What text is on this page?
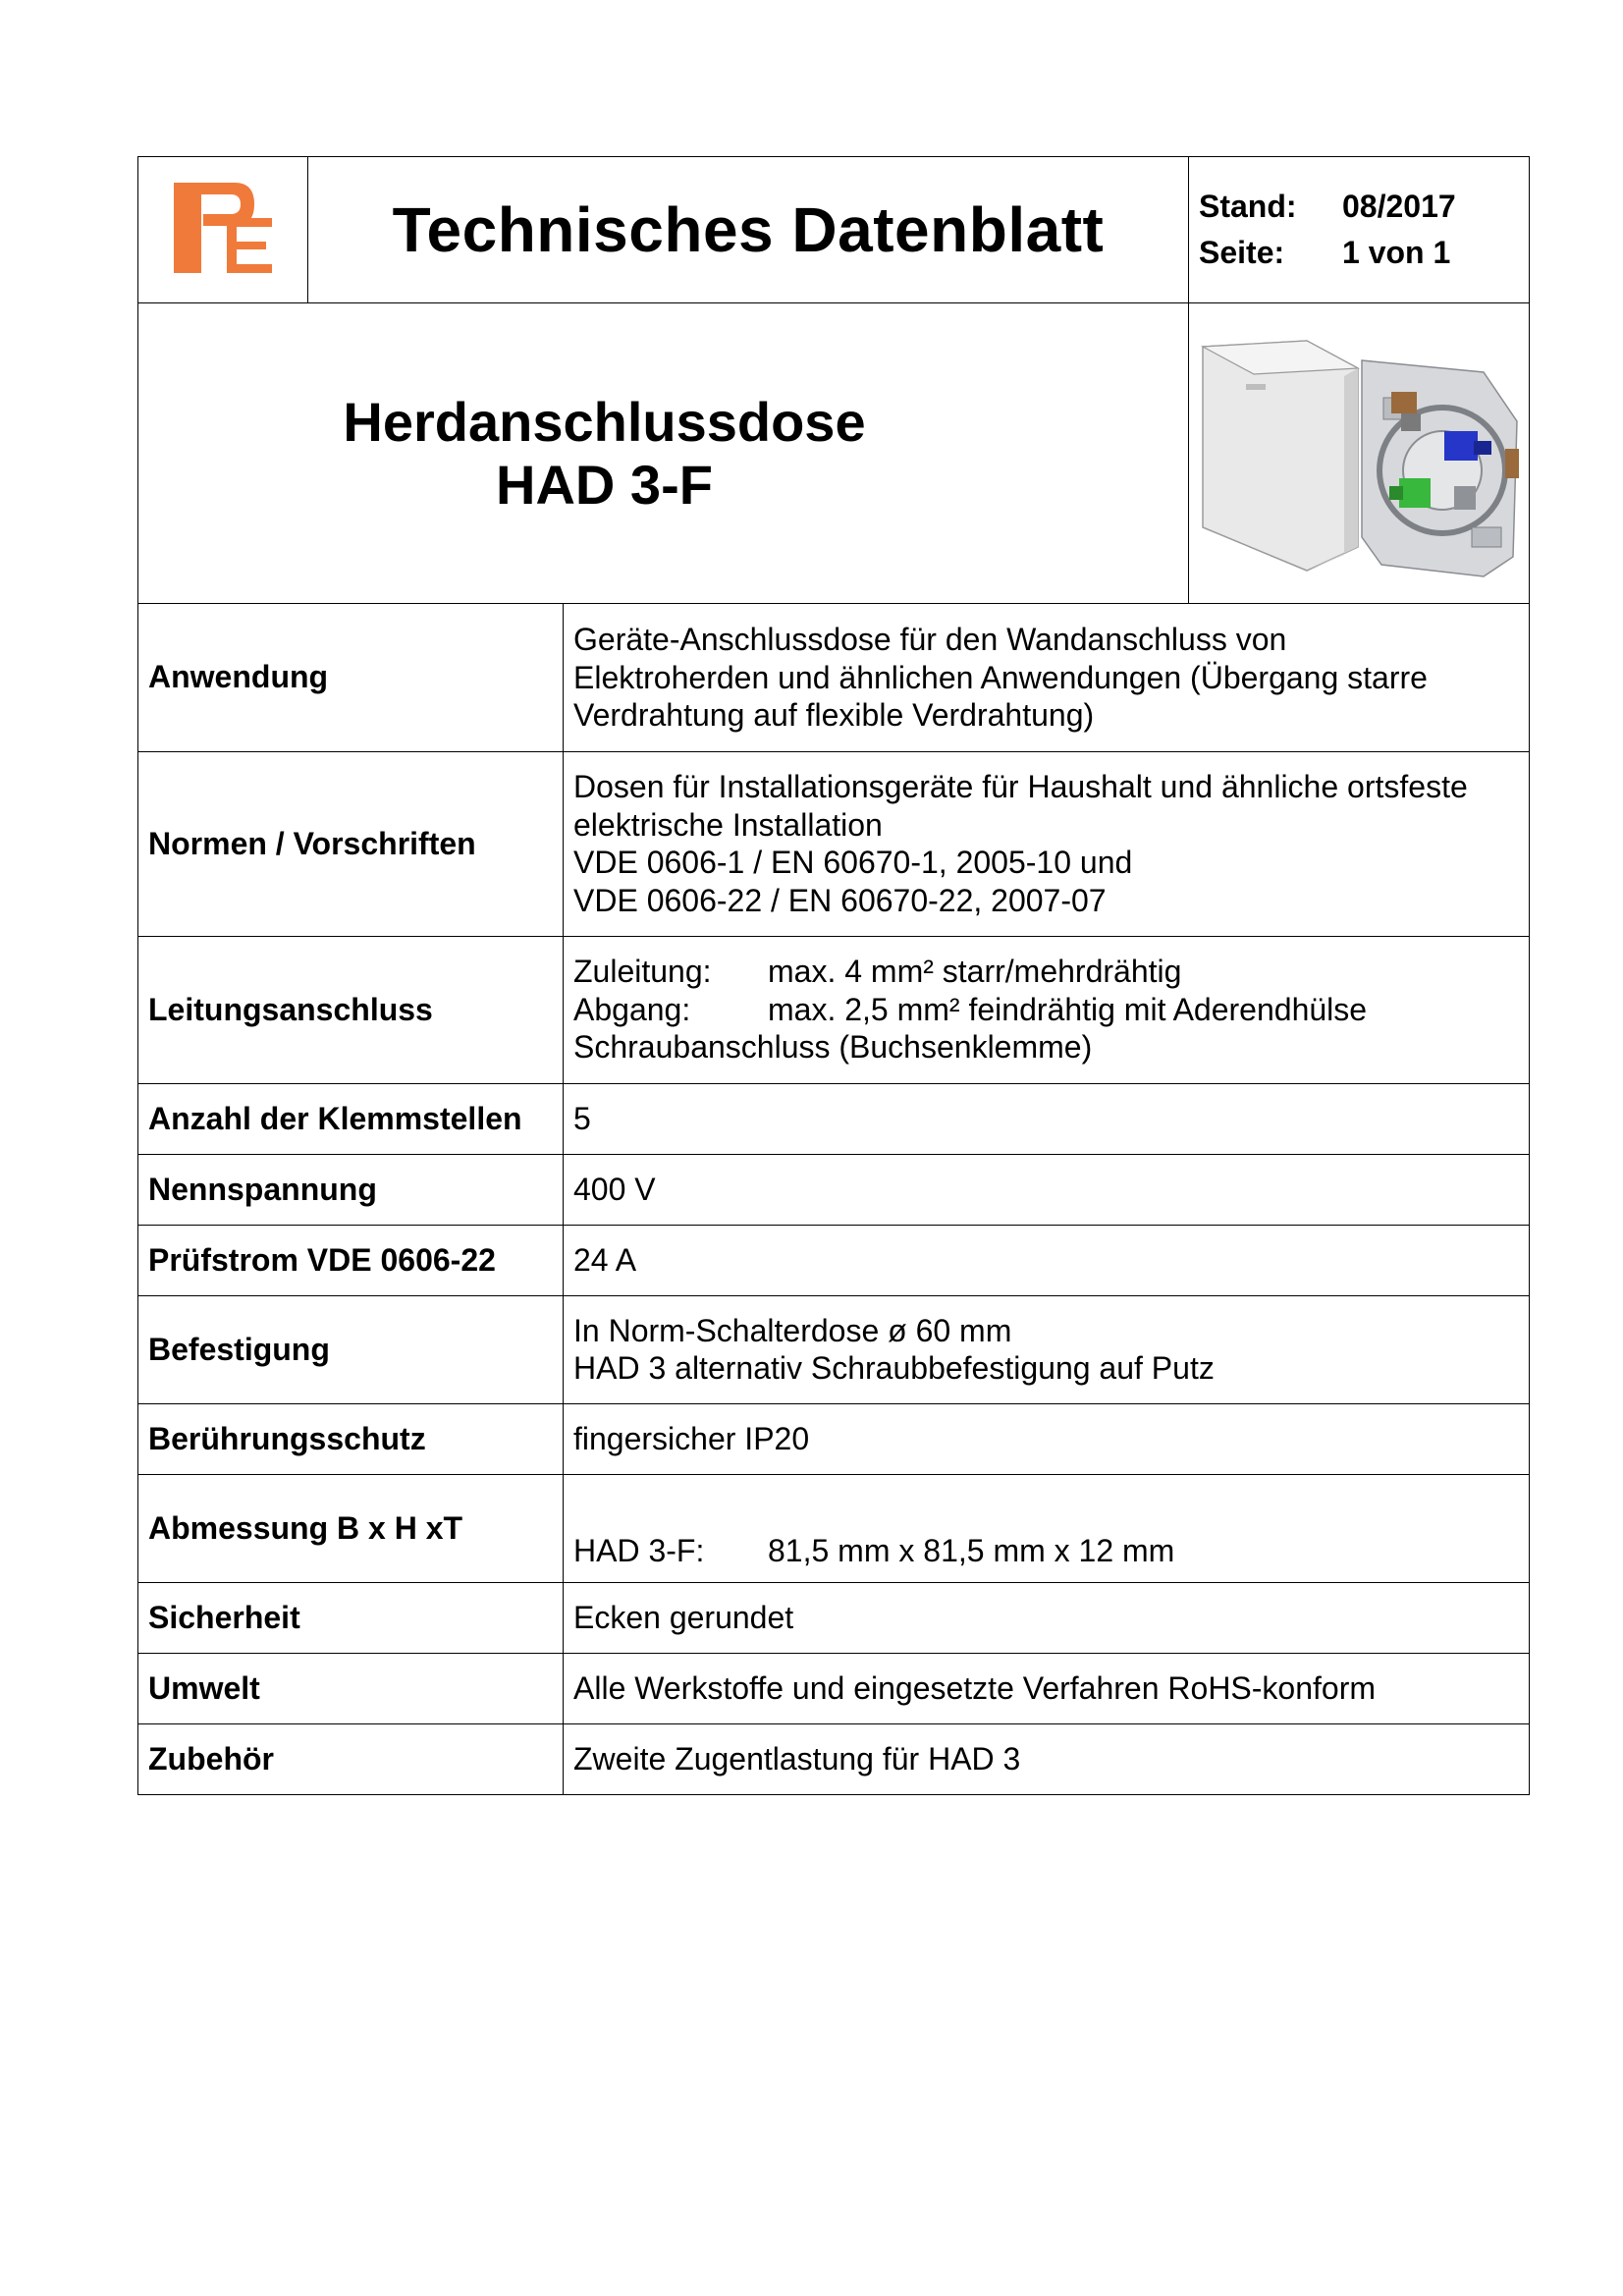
	Technisches Datenblatt	Stand:	08/2017
Seite:	1 von 1
Herdanschlussdose
HAD 3-F

Anwendung	Geräte-Anschlussdose für den Wandanschluss von
Elektroherden und ähnlichen Anwendungen (Übergang starre
Verdrahtung auf flexible Verdrahtung)

Normen / Vorschriften	Dosen für Installationsgeräte für Haushalt und ähnliche ortsfeste
elektrische Installation
VDE 0606-1 / EN 60670-1, 2005-10 und
VDE 0606-22 / EN 60670-22, 2007-07

Leitungsanschluss	Zuleitung: max. 4 mm² starr/mehrdrähtig
Abgang: max. 2,5 mm² feindrähtig mit Aderendhülse
Schraubanschluss (Buchsenklemme)

Anzahl der Klemmstellen	5
Nennspannung	400 V
Prüfstrom VDE 0606-22	24 A
Befestigung	In Norm-Schalterdose ø 60 mm
HAD 3 alternativ Schraubbefestigung auf Putz

Berührungsschutz	fingersicher IP20
Abmessung B x H xT	HAD 3-F: 81,5 mm x 81,5 mm x 12 mm

Sicherheit	Ecken gerundet
Umwelt	Alle Werkstoffe und eingesetzte Verfahren RoHS-konform
Zubehör	Zweite Zugentlastung für HAD 3
